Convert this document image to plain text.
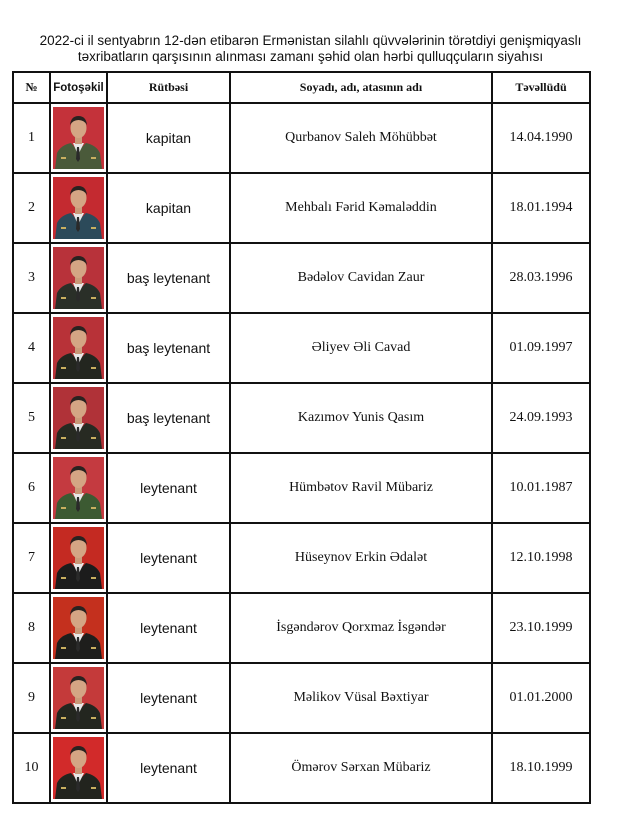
2022-ci il sentyabrın 12-dən etibarən Ermənistan silahlı qüvvələrinin törətdiyi genişmiqyaslı
təxribatların qarşısının alınması zamanı şəhid olan hərbi qulluqçuların siyahısı
№	Fotoşəkil	Rütbəsi	Soyadı, adı, atasının adı	Təvəllüdü
1		kapitan	Qurbanov Saleh Möhübbət	14.04.1990
2		kapitan	Mehbalı Fərid Kəmaləddin	18.01.1994
3		baş leytenant	Bədəlov Cavidan Zaur	28.03.1996
4		baş leytenant	Əliyev Əli Cavad	01.09.1997
5		baş leytenant	Kazımov Yunis Qasım	24.09.1993
6		leytenant	Hümbətov Ravil Mübariz	10.01.1987
7		leytenant	Hüseynov Erkin Ədalət	12.10.1998
8		leytenant	İsgəndərov Qorxmaz İsgəndər	23.10.1999
9		leytenant	Məlikov Vüsal Bəxtiyar	01.01.2000
10		leytenant	Ömərov Sərxan Mübariz	18.10.1999
